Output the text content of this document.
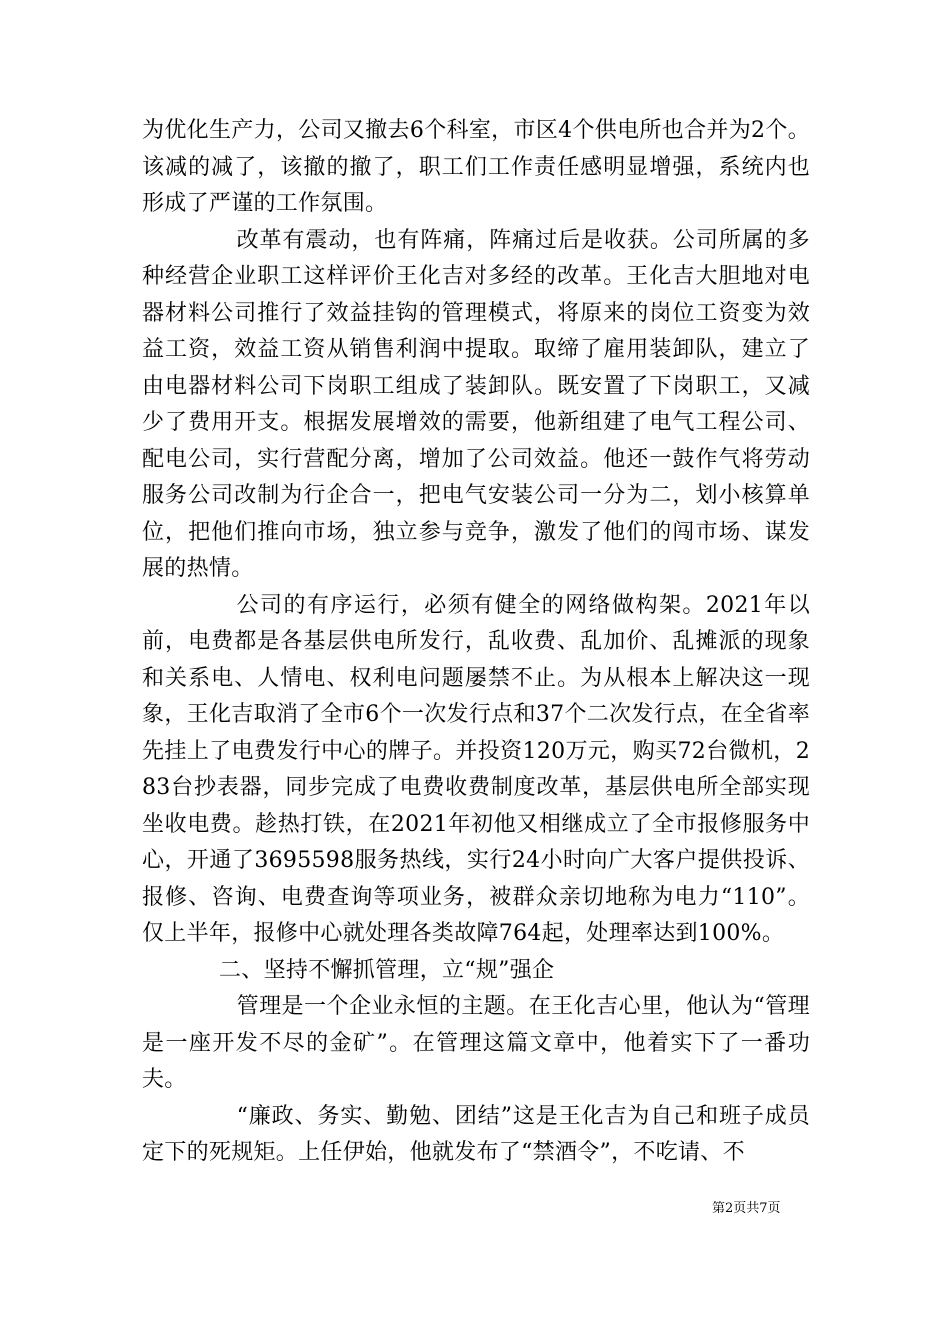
为优化生产力，公司又撤去6个科室，市区4个供电所也合并为2个。该减的减了，该撤的撤了，职工们工作责任感明显增强，系统内也形成了严谨的工作氛围。

改革有震动，也有阵痛，阵痛过后是收获。公司所属的多种经营企业职工这样评价王化吉对多经的改革。王化吉大胆地对电器材料公司推行了效益挂钩的管理模式，将原来的岗位工资变为效益工资，效益工资从销售利润中提取。取缔了雇用装卸队，建立了由电器材料公司下岗职工组成了装卸队。既安置了下岗职工，又减少了费用开支。根据发展增效的需要，他新组建了电气工程公司、配电公司，实行营配分离，增加了公司效益。他还一鼓作气将劳动服务公司改制为行企合一，把电气安装公司一分为二，划小核算单位，把他们推向市场，独立参与竞争，激发了他们的闯市场、谋发展的热情。

公司的有序运行，必须有健全的网络做构架。2021年以前，电费都是各基层供电所发行，乱收费、乱加价、乱摊派的现象和关系电、人情电、权利电问题屡禁不止。为从根本上解决这一现象，王化吉取消了全市6个一次发行点和37个二次发行点，在全省率先挂上了电费发行中心的牌子。并投资120万元，购买72台微机，283台抄表器，同步完成了电费收费制度改革，基层供电所全部实现坐收电费。趁热打铁，在2021年初他又相继成立了全市报修服务中心，开通了3695598服务热线，实行24小时向广大客户提供投诉、报修、咨询、电费查询等项业务，被群众亲切地称为电力“110”。仅上半年，报修中心就处理各类故障764起，处理率达到100%。

二、坚持不懈抓管理，立“规”强企

管理是一个企业永恒的主题。在王化吉心里，他认为“管理是一座开发不尽的金矿”。在管理这篇文章中，他着实下了一番功夫。

“廉政、务实、勤勉、团结”这是王化吉为自己和班子成员定下的死规矩。上任伊始，他就发布了“禁酒令”，不吃请、不

第2页共7页
